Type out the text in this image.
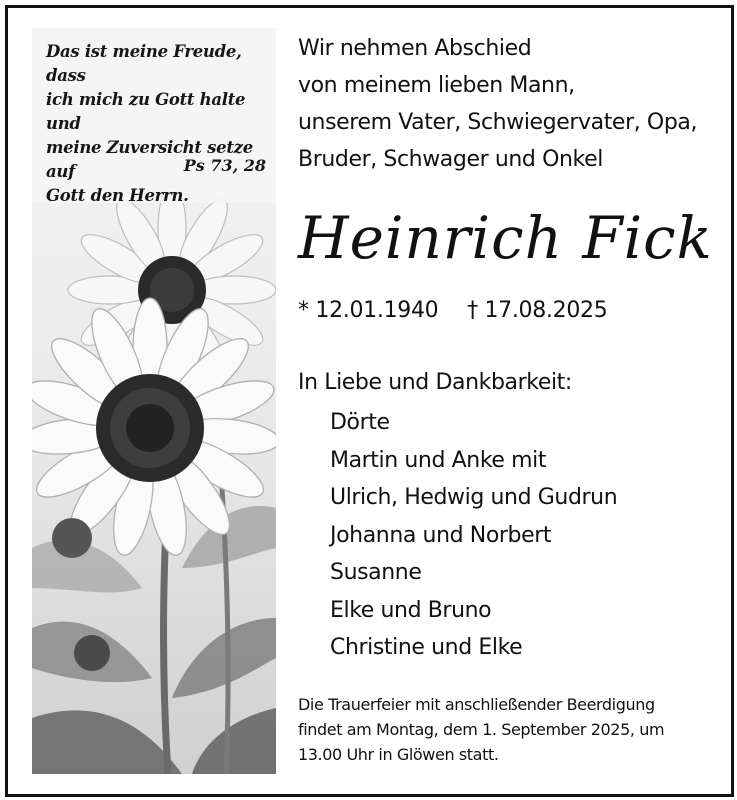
Das ist meine Freude, dass
ich mich zu Gott halte und
meine Zuversicht setze auf
Gott den Herrn.
Ps 73, 28
Wir nehmen Abschied
von meinem lieben Mann,
unserem Vater, Schwiegervater, Opa,
Bruder, Schwager und Onkel
Heinrich Fick
* 12.01.1940 † 17.08.2025
In Liebe und Dankbarkeit:
Dörte
Martin und Anke mit
Ulrich, Hedwig und Gudrun
Johanna und Norbert
Susanne
Elke und Bruno
Christine und Elke
Die Trauerfeier mit anschließender Beerdigung
findet am Montag, dem 1. September 2025, um
13.00 Uhr in Glöwen statt.
